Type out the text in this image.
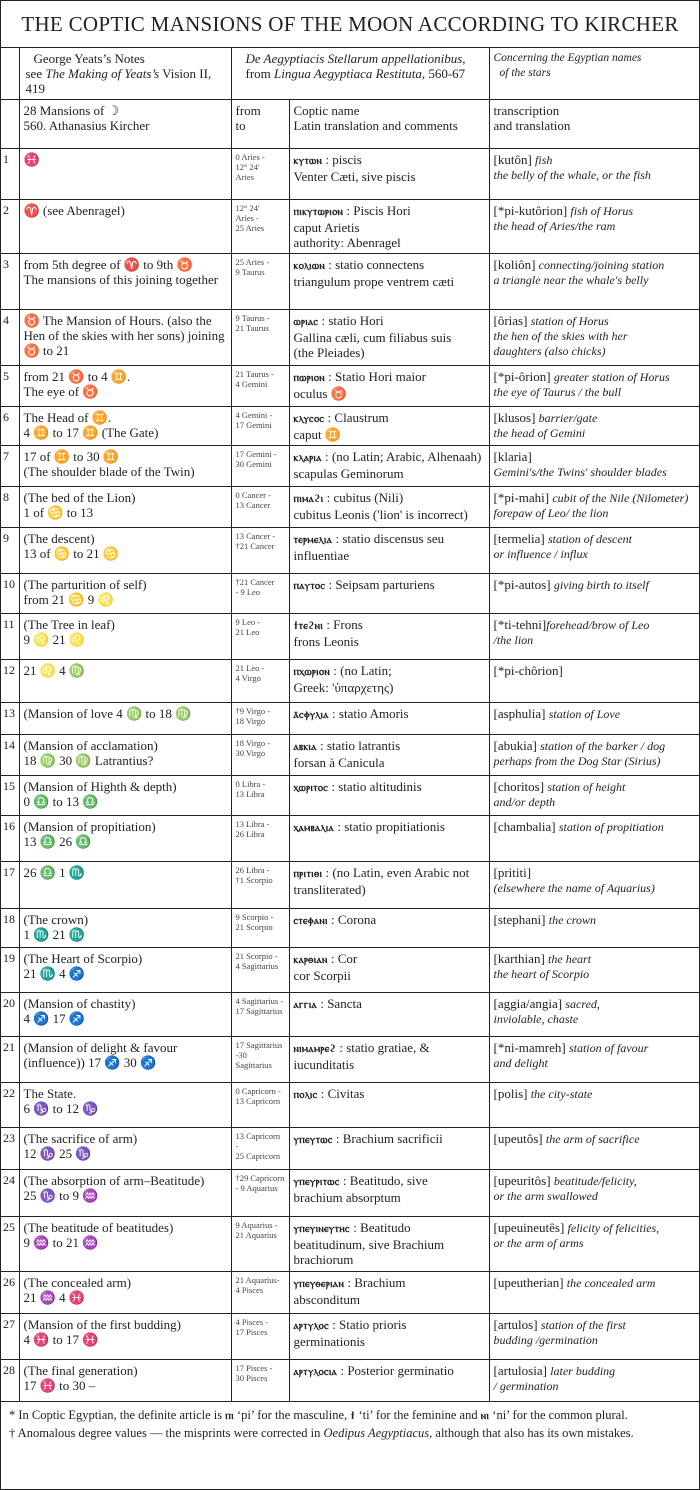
THE COPTIC MANSIONS OF THE MOON ACCORDING TO KIRCHER

	George Yeats’s Notes
see The Making of Yeats’s Vision II, 419	De Aegyptiacis Stellarum appellationibus,
from Lingua Aegyptiaca Restituta, 560-67		Concerning the Egyptian names
of the stars

	28 Mansions of ☽
560. Athanasius Kircher	from
to	Coptic name
Latin translation and comments	transcription
and translation

1	♓	0 Aries -
12° 24'
Aries	ⲕⲩⲧⲱⲛ : piscis
Venter Cæti, sive piscis	[kutôn] fish
the belly of the whale, or the fish

2	♈ (see Abenragel)	12° 24'
Aries -
25 Aries	ⲡⲓⲕⲩⲧⲱⲣⲓⲟⲛ : Piscis Hori
caput Arietis
authority: Abenragel	[*pi-kutôrion] fish of Horus
the head of Aries/the ram

3	from 5th degree of ♈ to 9th ♉
The mansions of this joining together	25 Aries -
9 Taurus	ⲕⲟⲗⲓⲱⲛ : statio connectens
triangulum prope ventrem cæti	[koliôn] connecting/joining station
a triangle near the whale's belly

4	♉ The Mansion of Hours. (also the Hen of the skies with her sons) joining ♉ to 21	9 Taurus -
21 Taurus	ⲱⲣⲓⲁⲥ : statio Hori
Gallina cæli, cum filiabus suis
(the Pleiades)	[ôrias] station of Horus
the hen of the skies with her
daughters (also chicks)

5	from 21 ♉ to 4 ♊.
The eye of ♉	21 Taurus -
4 Gemini	ⲡⲱⲣⲓⲟⲛ : Statio Hori maior
oculus ♉	[*pi-ôrion] greater station of Horus
the eye of Taurus / the bull

6	The Head of ♊.
4 ♊ to 17 ♊ (The Gate)	4 Gemini -
17 Gemini	ⲕⲗⲩⲥⲟⲥ : Claustrum
caput ♊	[klusos] barrier/gate
the head of Gemini

7	17 of ♊ to 30 ♊
(The shoulder blade of the Twin)	17 Gemini -
30 Gemini	ⲕⲗⲁⲣⲓⲁ : (no Latin; Arabic, Alhenaah)
scapulas Geminorum	[klaria]
Gemini's/the Twins' shoulder blades

8	(The bed of the Lion)
1 of ♋ to 13	0 Cancer -
13 Cancer	ⲡⲓⲙⲁϩⲓ : cubitus (Nili)
cubitus Leonis ('lion' is incorrect)	[*pi-mahi] cubit of the Nile (Nilometer)
forepaw of Leo/ the lion

9	(The descent)
13 of ♋ to 21 ♋	13 Cancer -
†21 Cancer	ⲧⲉⲣⲙⲉⲗⲓⲁ : statio discensus seu
influentiae	[termelia] station of descent
or influence / influx

10	(The parturition of self)
from 21 ♋ 9 ♌	†21 Cancer
- 9 Leo	ⲡⲁⲩⲧⲟⲥ : Seipsam parturiens	[*pi-autos] giving birth to itself

11	(The Tree in leaf)
9 ♌ 21 ♌	9 Leo -
21 Leo	ϯⲧⲉϩⲛⲓ : Frons
frons Leonis	[*ti-tehni]forehead/brow of Leo
/the lion

12	21 ♌ 4 ♍	21 Leo -
4 Virgo	ⲡⲭⲱⲣⲓⲟⲛ : (no Latin;
Greek: 'ὑπαρχετης)	[*pi-chôrion]

13	(Mansion of love 4 ♍ to 18 ♍	†9 Virgo -
18 Virgo	ⲁ̄ⲥⲫⲩⲗⲓⲁ : statio Amoris	[asphulia] station of Love

14	(Mansion of acclamation)
18 ♍ 30 ♍ Latrantius?	18 Virgo -
30 Virgo	ⲁⲃⲕⲓⲁ : statio latrantis
forsan à Canicula	[abukia] station of the barker / dog
perhaps from the Dog Star (Sirius)

15	(Mansion of Highth & depth)
0 ♎ to 13 ♎	0 Libra -
13 Libra	ⲭⲱⲣⲓⲧⲟⲥ : statio altitudinis	[choritos] station of height
and/or depth

16	(Mansion of propitiation)
13 ♎ 26 ♎	13 Libra -
26 Libra	ⲭⲁⲙⲃⲁⲗⲓⲁ : statio propitiationis	[chambalia] station of propitiation

17	26 ♎ 1 ♏	26 Libra -
†1 Scorpio	ⲡⲣⲓⲧⲓⲑⲓ : (no Latin, even Arabic not
transliterated)	[prititi]
(elsewhere the name of Aquarius)

18	(The crown)
1 ♏ 21 ♏	9 Scorpio -
21 Scorpio	ⲥⲧⲉⲫⲁⲛⲓ : Corona	[stephani] the crown

19	(The Heart of Scorpio)
21 ♏ 4 ♐	21 Scorpio -
4 Sagittarius	ⲕⲁⲣⲑⲓⲁⲛ : Cor
cor Scorpii	[karthian] the heart
the heart of Scorpio

20	(Mansion of chastity)
4 ♐ 17 ♐	4 Sagittarius -
17 Sagittarius	ⲁⲅⲅⲓⲁ : Sancta	[aggia/angia] sacred,
inviolable, chaste

21	(Mansion of delight & favour
(influence)) 17 ♐ 30 ♐	17 Sagittarius
-30 Sagittarius	ⲛⲓⲙⲁⲙⲣⲉϩ : statio gratiae, &
iucunditatis	[*ni-mamreh] station of favour
and delight

22	The State.
6 ♑ to 12 ♑	0 Capricorn -
13 Capricorn	ⲡⲟⲗⲓⲥ : Civitas	[polis] the city-state

23	(The sacrifice of arm)
12 ♑ 25 ♑	13 Capricorn -
25 Capricorn	ⲩⲡⲉⲩⲧⲱⲥ : Brachium sacrificii	[upeutôs] the arm of sacrifice

24	(The absorption of arm–Beatitude)
25 ♑ to 9 ♒	†29 Capricorn
- 9 Aquarius	ⲩⲡⲉⲩⲣⲓⲧⲱⲥ : Beatitudo, sive
brachium absorptum	[upeuritôs] beatitude/felicity,
or the arm swallowed

25	(The beatitude of beatitudes)
9 ♒ to 21 ♒	9 Aquarius -
21 Aquarius	ⲩⲡⲉⲩⲓⲛⲉⲩⲧⲏⲥ : Beatitudo
beatitudinum, sive Brachium
brachiorum	[upeuineutês] felicity of felicities,
or the arm of arms

26	(The concealed arm)
21 ♒ 4 ♓	21 Aquarius-
4 Pisces	ⲩⲡⲉⲩⲑⲉⲣⲓⲁⲛ : Brachium
absconditum	[upeutherian] the concealed arm

27	(Mansion of the first budding)
4 ♓ to 17 ♓	4 Pisces -
17 Pisces	ⲁⲣⲧⲩⲗⲟⲥ : Statio prioris
germinationis	[artulos] station of the first
budding /germination

28	(The final generation)
17 ♓ to 30 –	17 Pisces -
30 Pisces	ⲁⲣⲧⲩⲗⲟⲥⲓⲁ : Posterior germinatio	[artulosia] later budding
/ germination

* In Coptic Egyptian, the definite article is ⲡⲓ ‘pi’ for the masculine, ϯ ‘ti’ for the feminine and ⲛⲓ ‘ni’ for the common plural.

† Anomalous degree values — the misprints were corrected in Oedipus Aegyptiacus, although that also has its own mistakes.
